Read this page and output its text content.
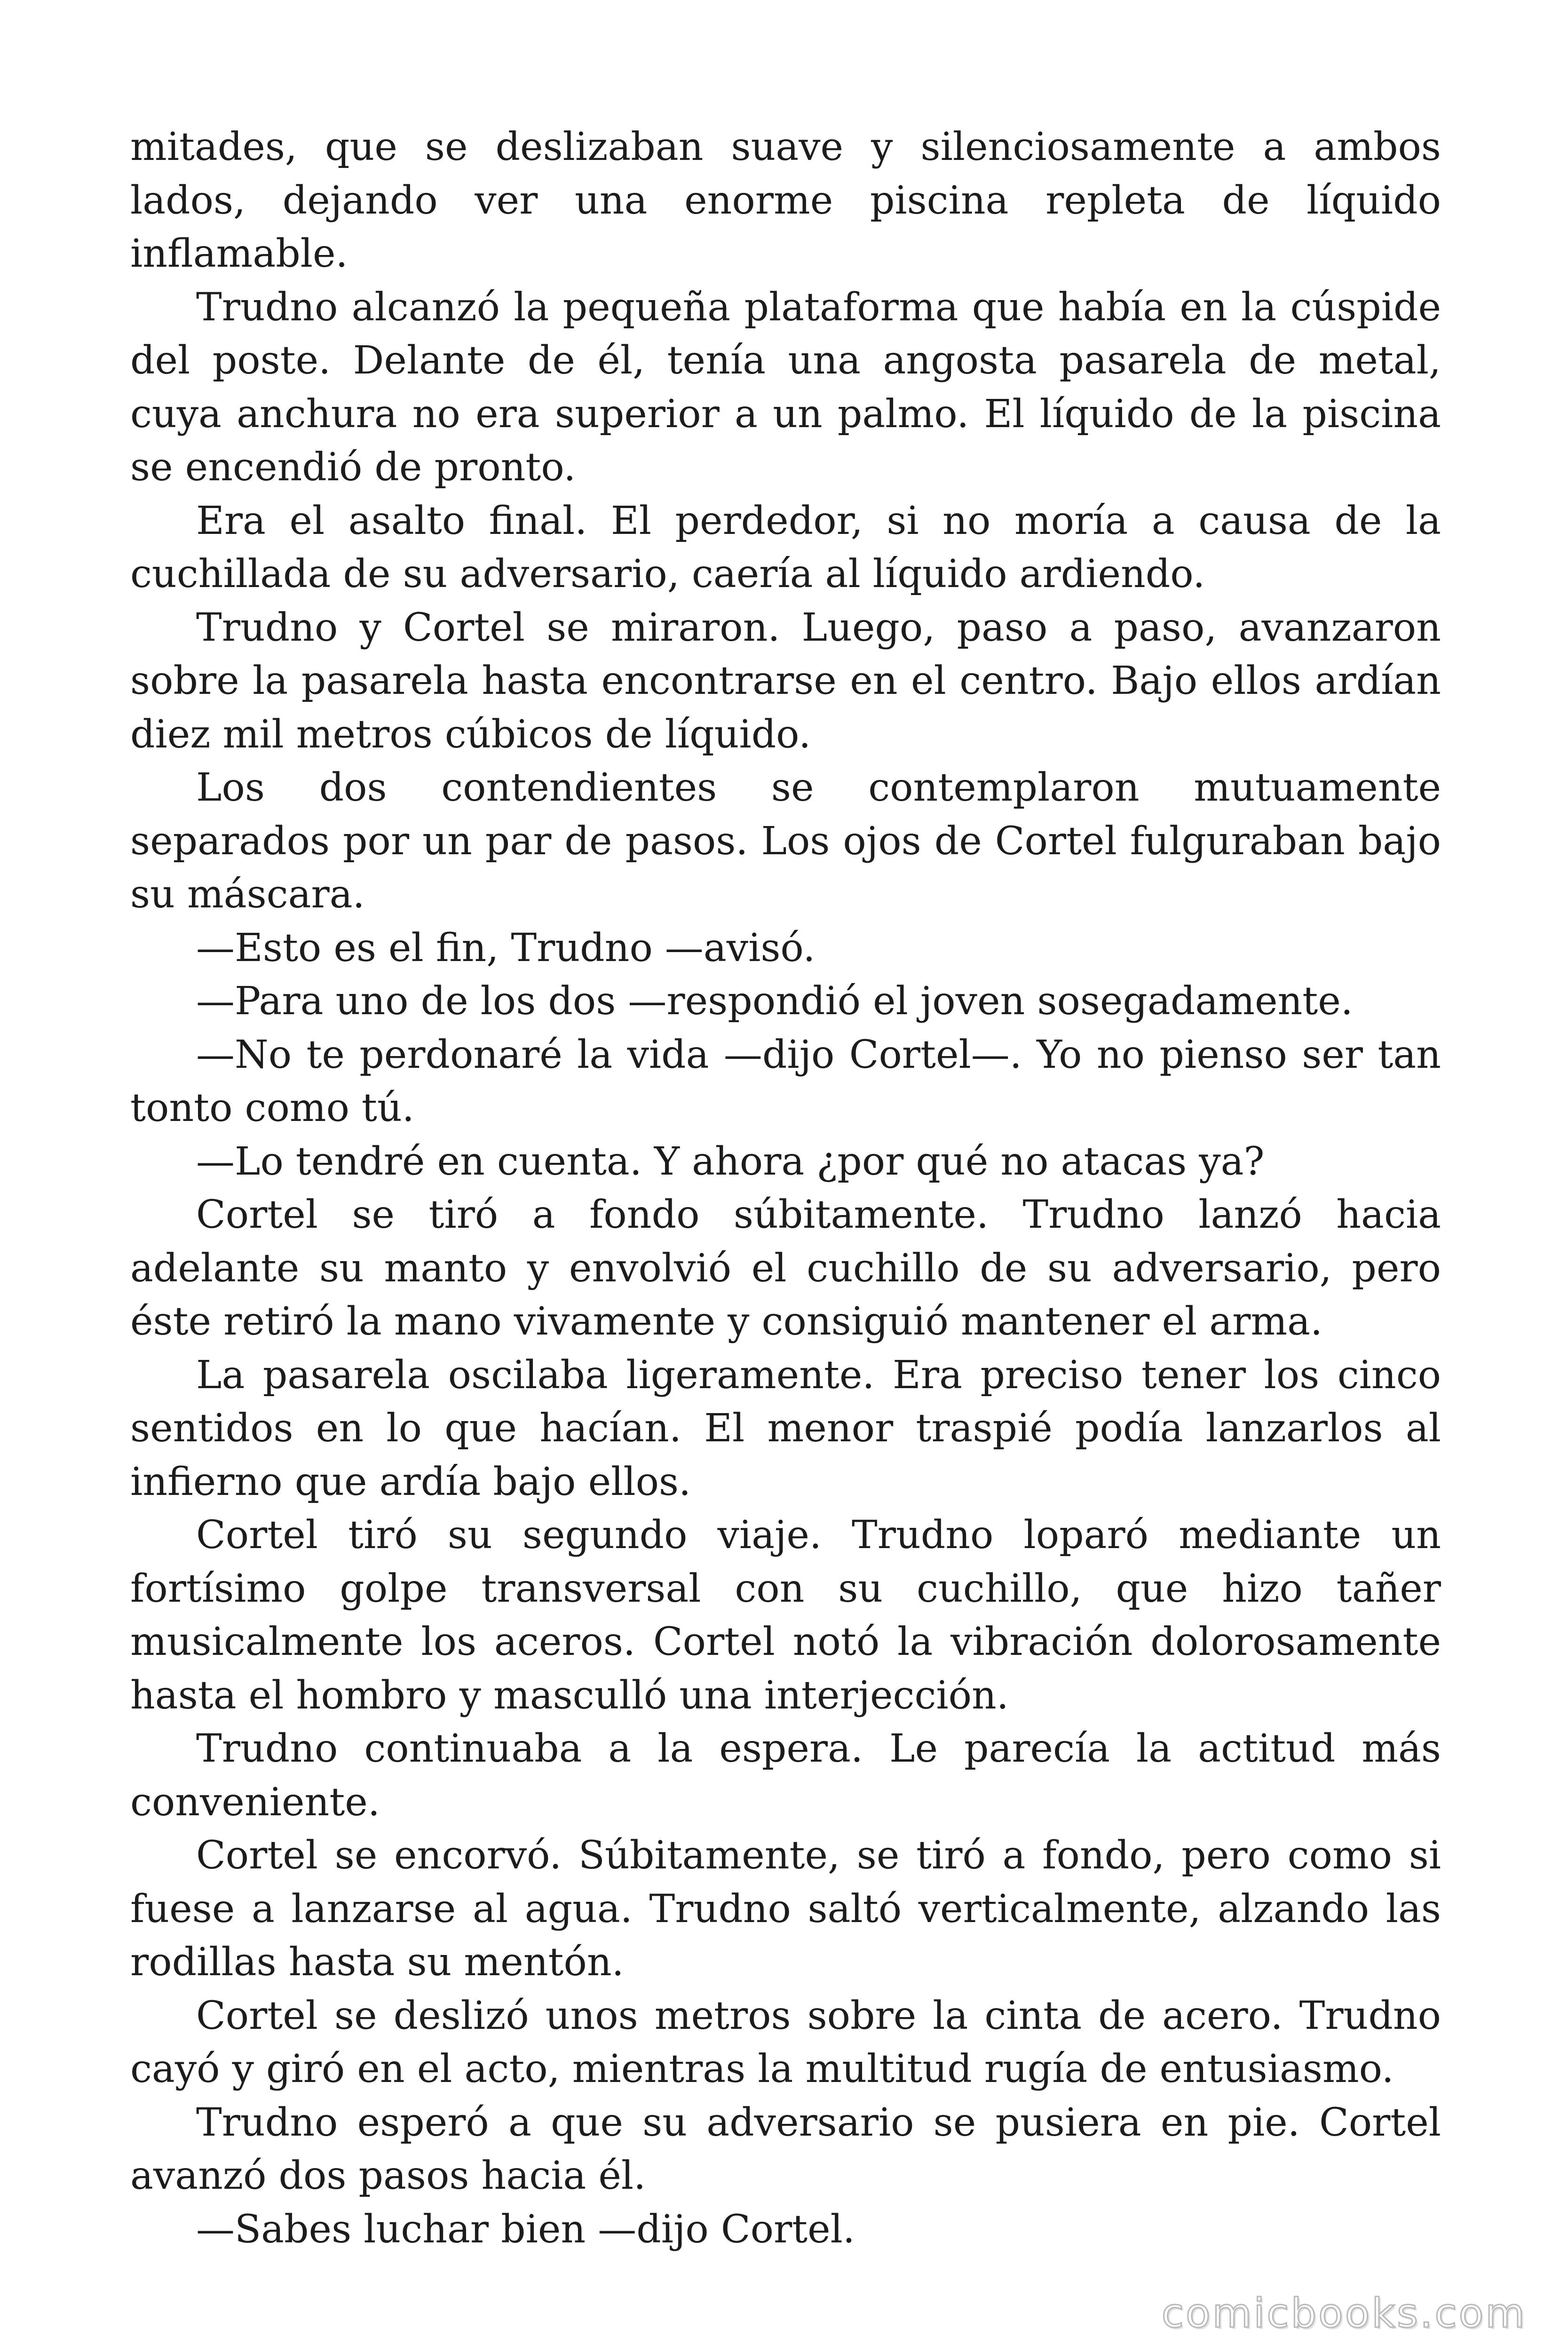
mitades, que se deslizaban suave y silenciosamente a ambos lados, dejando ver una enorme piscina repleta de líquido inflamable.

Trudno alcanzó la pequeña plataforma que había en la cúspide del poste. Delante de él, tenía una angosta pasarela de metal, cuya anchura no era superior a un palmo. El líquido de la piscina se encendió de pronto.

Era el asalto final. El perdedor, si no moría a causa de la cuchillada de su adversario, caería al líquido ardiendo.

Trudno y Cortel se miraron. Luego, paso a paso, avanzaron sobre la pasarela hasta encontrarse en el centro. Bajo ellos ardían diez mil metros cúbicos de líquido.

Los dos contendientes se contemplaron mutuamente separados por un par de pasos. Los ojos de Cortel fulguraban bajo su máscara.

—Esto es el fin, Trudno —avisó.

—Para uno de los dos —respondió el joven sosegadamente.

—No te perdonaré la vida —dijo Cortel—. Yo no pienso ser tan tonto como tú.

—Lo tendré en cuenta. Y ahora ¿por qué no atacas ya?

Cortel se tiró a fondo súbitamente. Trudno lanzó hacia adelante su manto y envolvió el cuchillo de su adversario, pero éste retiró la mano vivamente y consiguió mantener el arma.

La pasarela oscilaba ligeramente. Era preciso tener los cinco sentidos en lo que hacían. El menor traspié podía lanzarlos al infierno que ardía bajo ellos.

Cortel tiró su segundo viaje. Trudno loparó mediante un fortísimo golpe transversal con su cuchillo, que hizo tañer musicalmente los aceros. Cortel notó la vibración dolorosamente hasta el hombro y masculló una interjección.

Trudno continuaba a la espera. Le parecía la actitud más conveniente.

Cortel se encorvó. Súbitamente, se tiró a fondo, pero como si fuese a lanzarse al agua. Trudno saltó verticalmente, alzando las rodillas hasta su mentón.

Cortel se deslizó unos metros sobre la cinta de acero. Trudno cayó y giró en el acto, mientras la multitud rugía de entusiasmo.

Trudno esperó a que su adversario se pusiera en pie. Cortel avanzó dos pasos hacia él.

—Sabes luchar bien —dijo Cortel.

comicbooks.com
